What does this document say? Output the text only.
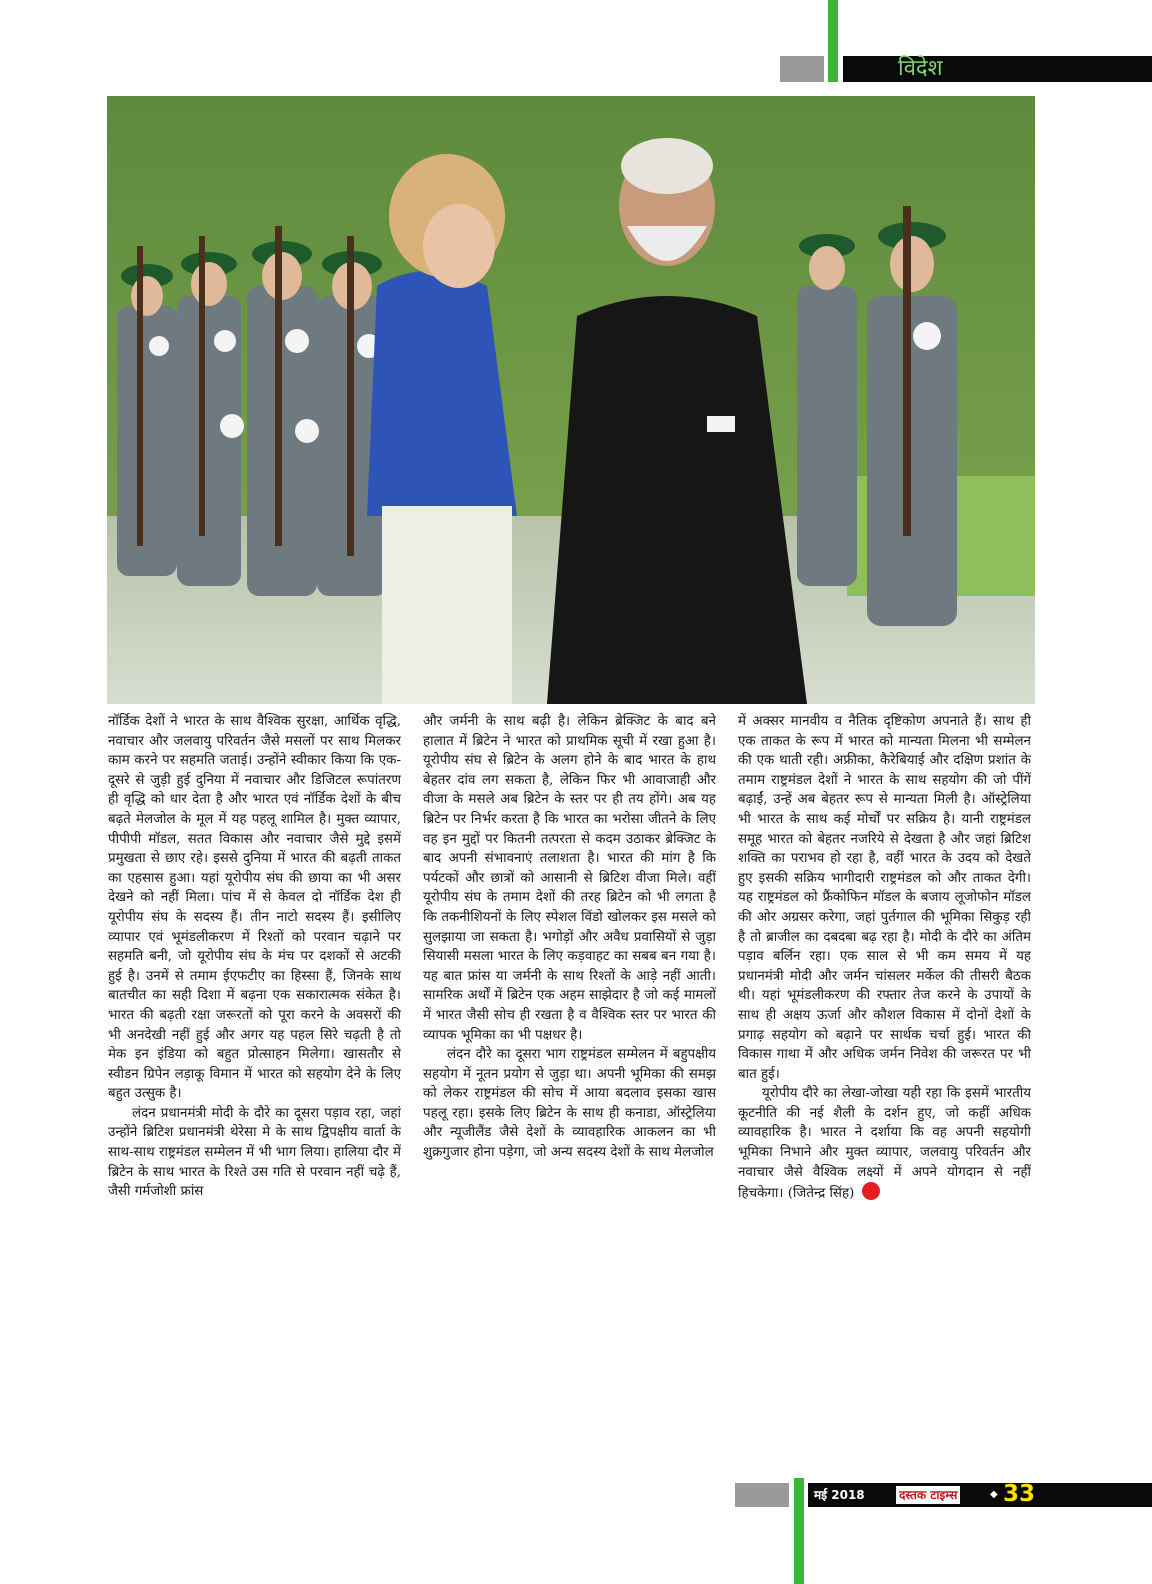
विदेश

नॉर्डिक देशों ने भारत के साथ वैश्विक सुरक्षा, आर्थिक वृद्धि, नवाचार और जलवायु परिवर्तन जैसे मसलों पर साथ मिलकर काम करने पर सहमति जताई। उन्होंने स्वीकार किया कि एक-दूसरे से जुड़ी हुई दुनिया में नवाचार और डिजिटल रूपांतरण ही वृद्धि को धार देता है और भारत एवं नॉर्डिक देशों के बीच बढ़ते मेलजोल के मूल में यह पहलू शामिल है। मुक्त व्यापार, पीपीपी मॉडल, सतत विकास और नवाचार जैसे मुद्दे इसमें प्रमुखता से छाए रहे। इससे दुनिया में भारत की बढ़ती ताकत का एहसास हुआ। यहां यूरोपीय संघ की छाया का भी असर देखने को नहीं मिला। पांच में से केवल दो नॉर्डिक देश ही यूरोपीय संघ के सदस्य हैं। तीन नाटो सदस्य हैं। इसीलिए व्यापार एवं भूमंडलीकरण में रिश्तों को परवान चढ़ाने पर सहमति बनी, जो यूरोपीय संघ के मंच पर दशकों से अटकी हुई है। उनमें से तमाम ईएफटीए का हिस्सा हैं, जिनके साथ बातचीत का सही दिशा में बढ़ना एक सकारात्मक संकेत है। भारत की बढ़ती रक्षा जरूरतों को पूरा करने के अवसरों की भी अनदेखी नहीं हुई और अगर यह पहल सिरे चढ़ती है तो मेक इन इंडिया को बहुत प्रोत्साहन मिलेगा। खासतौर से स्वीडन ग्रिपेन लड़ाकू विमान में भारत को सहयोग देने के लिए बहुत उत्सुक है।

लंदन प्रधानमंत्री मोदी के दौरे का दूसरा पड़ाव रहा, जहां उन्होंने ब्रिटिश प्रधानमंत्री थेरेसा मे के साथ द्विपक्षीय वार्ता के साथ-साथ राष्ट्रमंडल सम्मेलन में भी भाग लिया। हालिया दौर में ब्रिटेन के साथ भारत के रिश्ते उस गति से परवान नहीं चढ़े हैं, जैसी गर्मजोशी फ्रांस

और जर्मनी के साथ बढ़ी है। लेकिन ब्रेक्जिट के बाद बने हालात में ब्रिटेन ने भारत को प्राथमिक सूची में रखा हुआ है। यूरोपीय संघ से ब्रिटेन के अलग होने के बाद भारत के हाथ बेहतर दांव लग सकता है, लेकिन फिर भी आवाजाही और वीजा के मसले अब ब्रिटेन के स्तर पर ही तय होंगे। अब यह ब्रिटेन पर निर्भर करता है कि भारत का भरोसा जीतने के लिए वह इन मुद्दों पर कितनी तत्परता से कदम उठाकर ब्रेक्जिट के बाद अपनी संभावनाएं तलाशता है। भारत की मांग है कि पर्यटकों और छात्रों को आसानी से ब्रिटिश वीजा मिले। वहीं यूरोपीय संघ के तमाम देशों की तरह ब्रिटेन को भी लगता है कि तकनीशियनों के लिए स्पेशल विंडो खोलकर इस मसले को सुलझाया जा सकता है। भगोड़ों और अवैध प्रवासियों से जुड़ा सियासी मसला भारत के लिए कड़वाहट का सबब बन गया है। यह बात फ्रांस या जर्मनी के साथ रिश्तों के आड़े नहीं आती। सामरिक अर्थों में ब्रिटेन एक अहम साझेदार है जो कई मामलों में भारत जैसी सोच ही रखता है व वैश्विक स्तर पर भारत की व्यापक भूमिका का भी पक्षधर है।

लंदन दौरे का दूसरा भाग राष्ट्रमंडल सम्मेलन में बहुपक्षीय सहयोग में नूतन प्रयोग से जुड़ा था। अपनी भूमिका की समझ को लेकर राष्ट्रमंडल की सोच में आया बदलाव इसका खास पहलू रहा। इसके लिए ब्रिटेन के साथ ही कनाडा, ऑस्ट्रेलिया और न्यूजीलैंड जैसे देशों के व्यावहारिक आकलन का भी शुक्रगुजार होना पड़ेगा, जो अन्य सदस्य देशों के साथ मेलजोल

में अक्सर मानवीय व नैतिक दृष्टिकोण अपनाते हैं। साथ ही एक ताकत के रूप में भारत को मान्यता मिलना भी सम्मेलन की एक थाती रही। अफ्रीका, कैरेबियाई और दक्षिण प्रशांत के तमाम राष्ट्रमंडल देशों ने भारत के साथ सहयोग की जो पींगें बढ़ाईं, उन्हें अब बेहतर रूप से मान्यता मिली है। ऑस्ट्रेलिया भी भारत के साथ कई मोर्चों पर सक्रिय है। यानी राष्ट्रमंडल समूह भारत को बेहतर नजरिये से देखता है और जहां ब्रिटिश शक्ति का पराभव हो रहा है, वहीं भारत के उदय को देखते हुए इसकी सक्रिय भागीदारी राष्ट्रमंडल को और ताकत देगी। यह राष्ट्रमंडल को फ्रैंकोफिन मॉडल के बजाय लूजोफोन मॉडल की ओर अग्रसर करेगा, जहां पुर्तगाल की भूमिका सिकुड़ रही है तो ब्राजील का दबदबा बढ़ रहा है। मोदी के दौरे का अंतिम पड़ाव बर्लिन रहा। एक साल से भी कम समय में यह प्रधानमंत्री मोदी और जर्मन चांसलर मर्केल की तीसरी बैठक थी। यहां भूमंडलीकरण की रफ्तार तेज करने के उपायों के साथ ही अक्षय ऊर्जा और कौशल विकास में दोनों देशों के प्रगाढ़ सहयोग को बढ़ाने पर सार्थक चर्चा हुई। भारत की विकास गाथा में और अधिक जर्मन निवेश की जरूरत पर भी बात हुई।

यूरोपीय दौरे का लेखा-जोखा यही रहा कि इसमें भारतीय कूटनीति की नई शैली के दर्शन हुए, जो कहीं अधिक व्यावहारिक है। भारत ने दर्शाया कि वह अपनी सहयोगी भूमिका निभाने और मुक्त व्यापार, जलवायु परिवर्तन और नवाचार जैसे वैश्विक लक्ष्यों में अपने योगदान से नहीं हिचकेगा। (जितेन्द्र सिंह)

मई 2018	दस्तक टाइम्स	◆ 33
